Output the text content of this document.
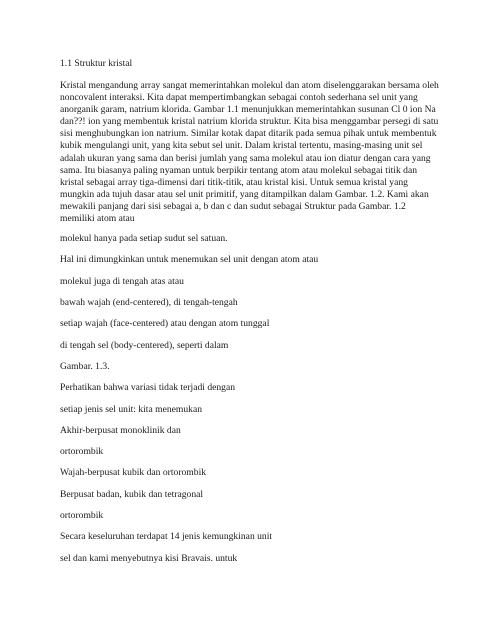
1.1 Struktur kristal
Kristal mengandung array sangat memerintahkan molekul dan atom diselenggarakan bersama oleh noncovalent interaksi. Kita dapat mempertimbangkan sebagai contoh sederhana sel unit yang anorganik garam, natrium klorida. Gambar 1.1 menunjukkan memerintahkan susunan Cl 0 ion Na dan??! ion yang membentuk kristal natrium klorida struktur. Kita bisa menggambar persegi di satu sisi menghubungkan ion natrium. Similar kotak dapat ditarik pada semua pihak untuk membentuk kubik mengulangi unit, yang kita sebut sel unit. Dalam kristal tertentu, masing-masing unit sel adalah ukuran yang sama dan berisi jumlah yang sama molekul atau ion diatur dengan cara yang sama. Itu biasanya paling nyaman untuk berpikir tentang atom atau molekul sebagai titik dan kristal sebagai array tiga-dimensi dari titik-titik, atau kristal kisi. Untuk semua kristal yang mungkin ada tujuh dasar atau sel unit primitif, yang ditampilkan dalam Gambar. 1.2. Kami akan mewakili panjang dari sisi sebagai a, b dan c dan sudut sebagai Struktur pada Gambar. 1.2 memiliki atom atau
molekul hanya pada setiap sudut sel satuan.
Hal ini dimungkinkan untuk menemukan sel unit dengan atom atau
molekul juga di tengah atas atau
bawah wajah (end-centered), di tengah-tengah
setiap wajah (face-centered) atau dengan atom tunggal
di tengah sel (body-centered), seperti dalam
Gambar. 1.3.
Perhatikan bahwa variasi tidak terjadi dengan
setiap jenis sel unit: kita menemukan
Akhir-berpusat monoklinik dan
ortorombik
Wajah-berpusat kubik dan ortorombik
Berpusat badan, kubik dan tetragonal
ortorombik
Secara keseluruhan terdapat 14 jenis kemungkinan unit
sel dan kami menyebutnya kisi Bravais. untuk
